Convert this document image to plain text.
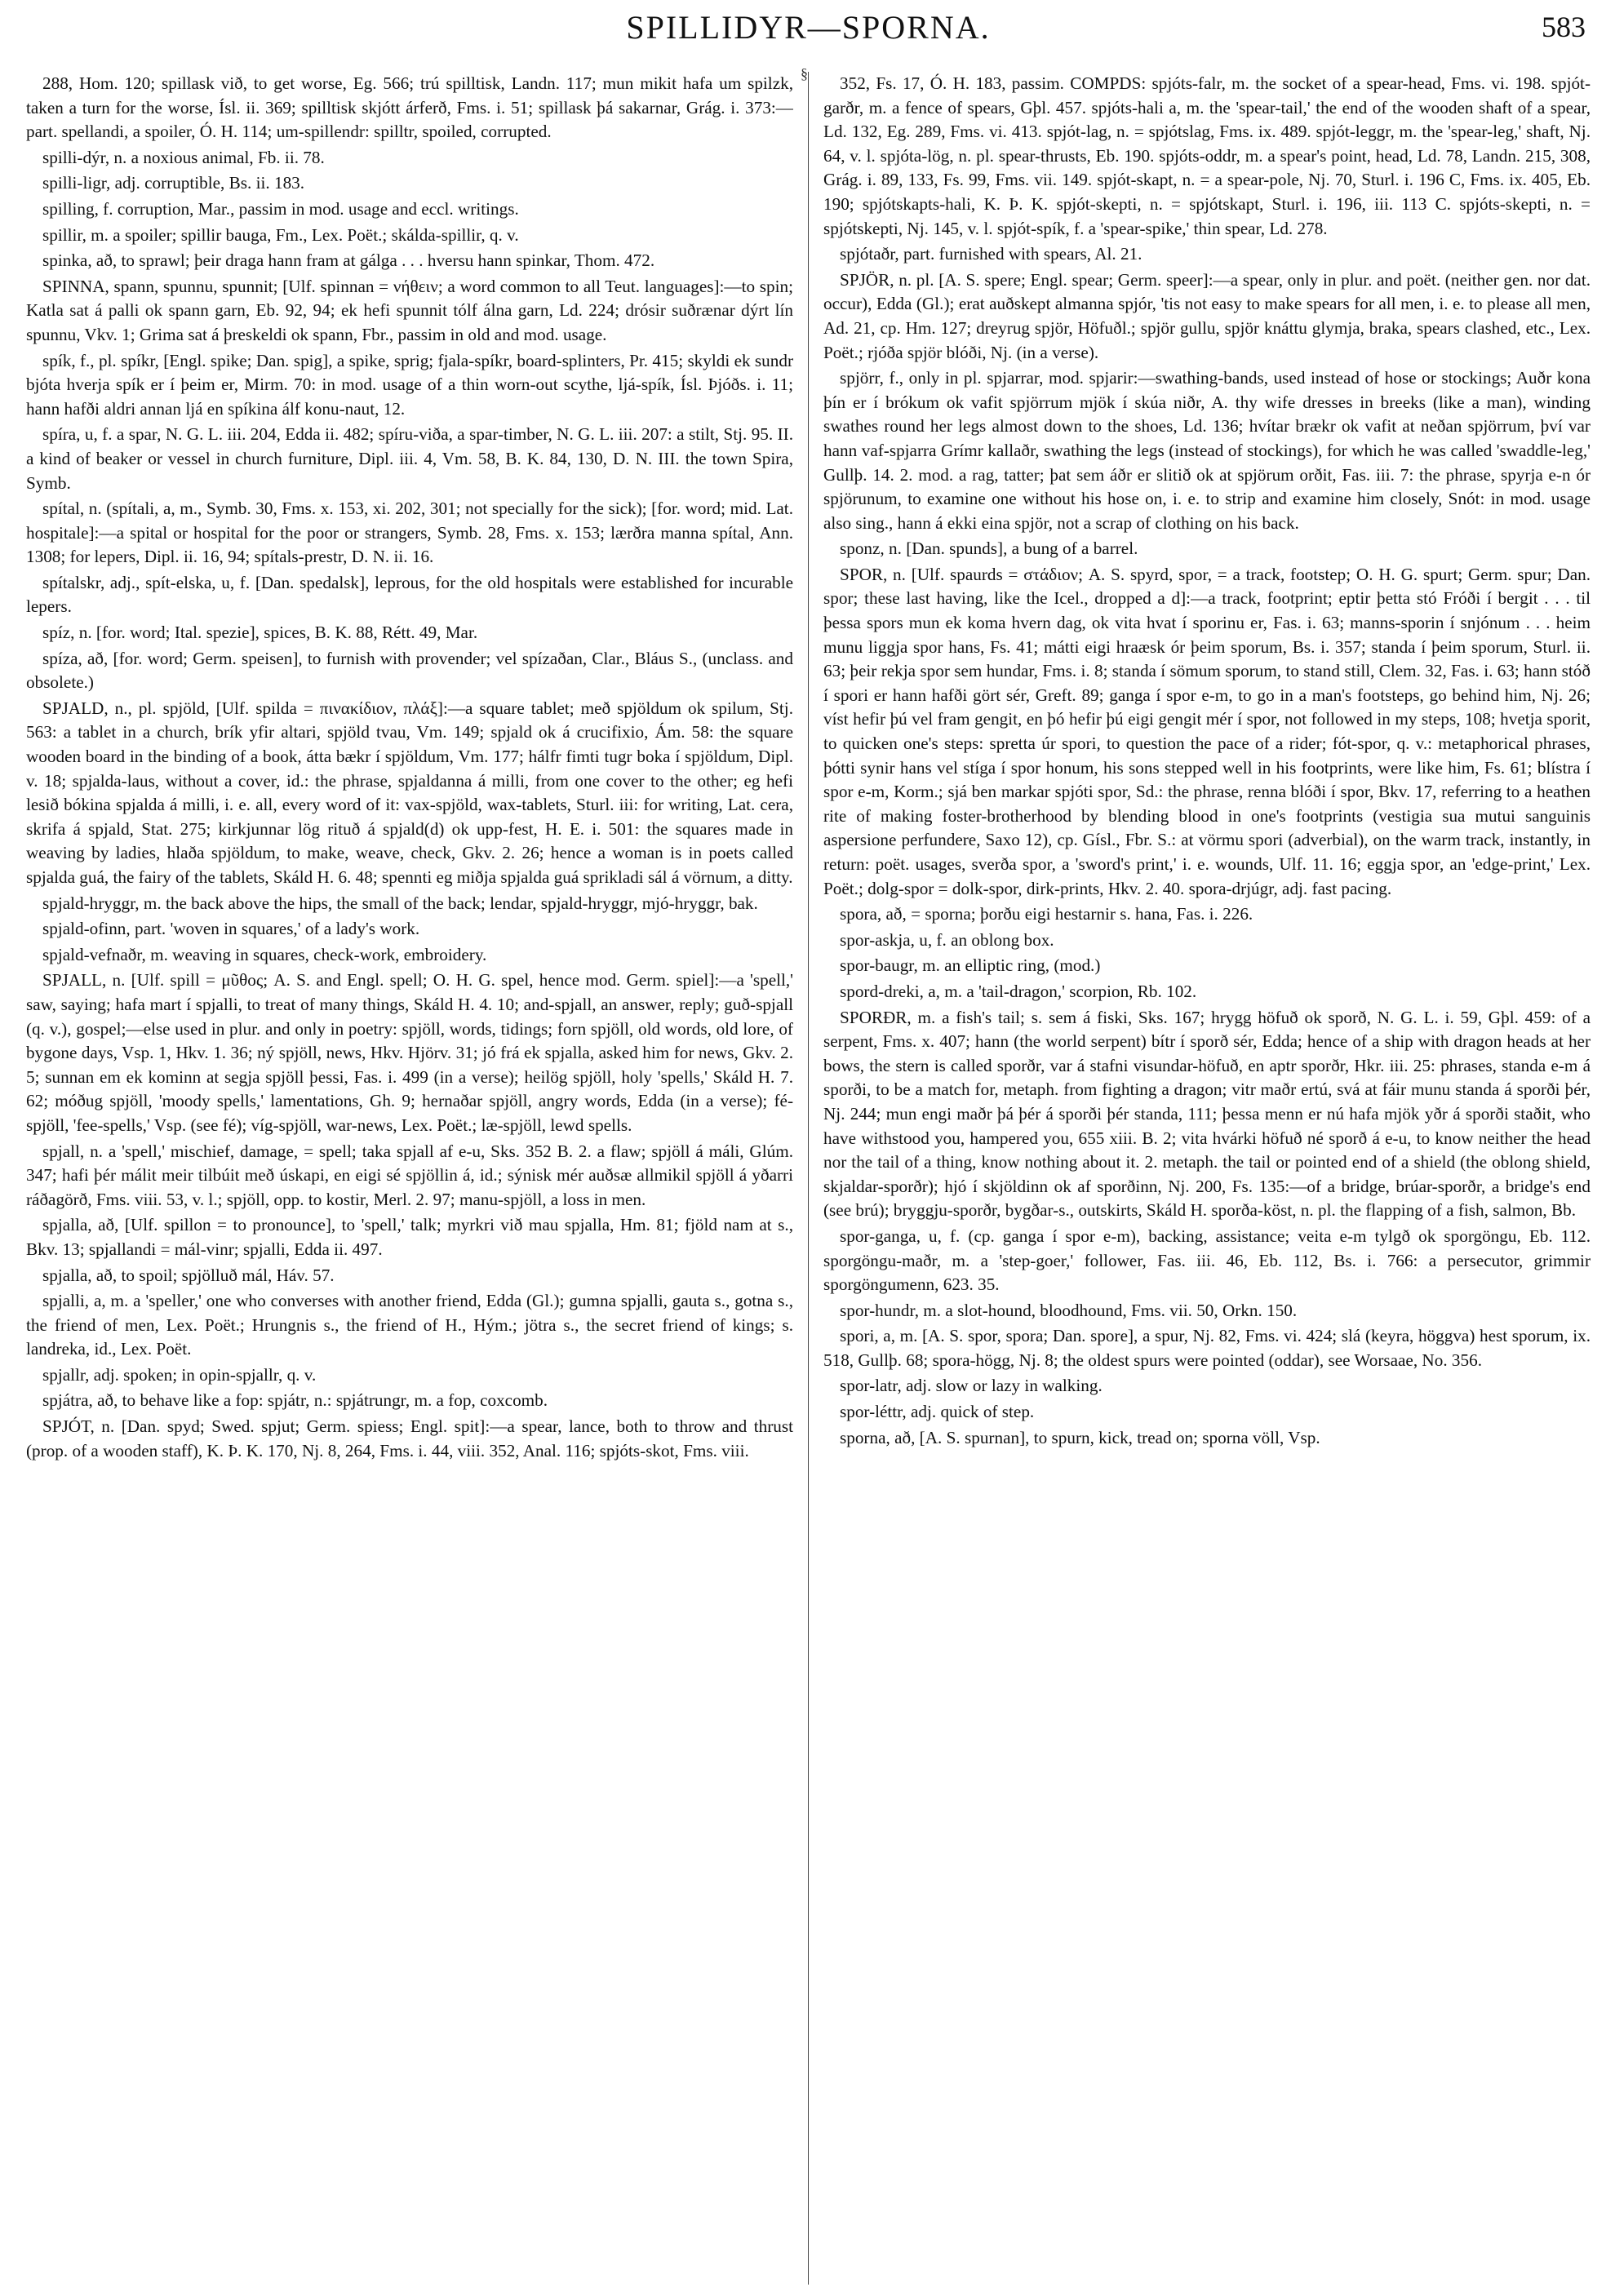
SPILLIDYR—SPORNA.	583

288, Hom. 120; spillask við, to get worse, Eg. 566; trú spilltisk, Landn. 117; mun mikit hafa um spilzk, taken a turn for the worse, Ísl. ii. 369; spilltisk skjótt árferð, Fms. i. 51; spillask þá sakarnar, Grág. i. 373:—part. spellandi, a spoiler, Ó. H. 114; um-spillendr: spilltr, spoiled, corrupted.

spilli-dýr, n. a noxious animal, Fb. ii. 78.

spilli-ligr, adj. corruptible, Bs. ii. 183.

spilling, f. corruption, Mar., passim in mod. usage and eccl. writings.

spillir, m. a spoiler; spillir bauga, Fm., Lex. Poët.; skálda-spillir, q. v.

spinka, að, to sprawl; þeir draga hann fram at gálga . . . hversu hann spinkar, Thom. 472.

SPINNA, spann, spunnu, spunnit; [Ulf. spinnan = νήθειν; a word common to all Teut. languages]:—to spin; Katla sat á palli ok spann garn, Eb. 92, 94; ek hefi spunnit tólf álna garn, Ld. 224; drósir suðrænar dýrt lín spunnu, Vkv. 1; Grima sat á þreskeldi ok spann, Fbr., passim in old and mod. usage.

spík, f., pl. spíkr, [Engl. spike; Dan. spig], a spike, sprig; fjala-spíkr, board-splinters, Pr. 415; skyldi ek sundr bjóta hverja spík er í þeim er, Mirm. 70: in mod. usage of a thin worn-out scythe, ljá-spík, Ísl. Þjóðs. i. 11; hann hafði aldri annan ljá en spíkina álf konu-naut, 12.

spíra, u, f. a spar, N. G. L. iii. 204, Edda ii. 482; spíru-viða, a spar-timber, N. G. L. iii. 207: a stilt, Stj. 95. II. a kind of beaker or vessel in church furniture, Dipl. iii. 4, Vm. 58, B. K. 84, 130, D. N. III. the town Spira, Symb.

spítal, n. (spítali, a, m., Symb. 30, Fms. x. 153, xi. 202, 301; not specially for the sick); [for. word; mid. Lat. hospitale]:—a spital or hospital for the poor or strangers, Symb. 28, Fms. x. 153; lærðra manna spítal, Ann. 1308; for lepers, Dipl. ii. 16, 94; spítals-prestr, D. N. ii. 16.

spítalskr, adj., spít-elska, u, f. [Dan. spedalsk], leprous, for the old hospitals were established for incurable lepers.

spíz, n. [for. word; Ital. spezie], spices, B. K. 88, Rétt. 49, Mar.

spíza, að, [for. word; Germ. speisen], to furnish with provender; vel spízaðan, Clar., Bláus S., (unclass. and obsolete.)

SPJALD, n., pl. spjöld, [Ulf. spilda = πινακίδιον, πλάξ]:—a square tablet; með spjöldum ok spilum, Stj. 563: a tablet in a church, brík yfir altari, spjöld tvau, Vm. 149; spjald ok á crucifixio, Ám. 58: the square wooden board in the binding of a book, átta bækr í spjöldum, Vm. 177; hálfr fimti tugr boka í spjöldum, Dipl. v. 18; spjalda-laus, without a cover, id.: the phrase, spjaldanna á milli, from one cover to the other; eg hefi lesið bókina spjalda á milli, i. e. all, every word of it: vax-spjöld, wax-tablets, Sturl. iii: for writing, Lat. cera, skrifa á spjald, Stat. 275; kirkjunnar lög rituð á spjald(d) ok upp-fest, H. E. i. 501: the squares made in weaving by ladies, hlaða spjöldum, to make, weave, check, Gkv. 2. 26; hence a woman is in poets called spjalda guá, the fairy of the tablets, Skáld H. 6. 48; spennti eg miðja spjalda guá sprikladi sál á vörnum, a ditty.

spjald-hryggr, m. the back above the hips, the small of the back; lendar, spjald-hryggr, mjó-hryggr, bak.

spjald-ofinn, part. 'woven in squares,' of a lady's work.

spjald-vefnaðr, m. weaving in squares, check-work, embroidery.

SPJALL, n. [Ulf. spill = μῦθος; A. S. and Engl. spell; O. H. G. spel, hence mod. Germ. spiel]:—a 'spell,' saw, saying; hafa mart í spjalli, to treat of many things, Skáld H. 4. 10; and-spjall, an answer, reply; guð-spjall (q. v.), gospel;—else used in plur. and only in poetry: spjöll, words, tidings; forn spjöll, old words, old lore, of bygone days, Vsp. 1, Hkv. 1. 36; ný spjöll, news, Hkv. Hjörv. 31; jó frá ek spjalla, asked him for news, Gkv. 2. 5; sunnan em ek kominn at segja spjöll þessi, Fas. i. 499 (in a verse); heilög spjöll, holy 'spells,' Skáld H. 7. 62; móðug spjöll, 'moody spells,' lamentations, Gh. 9; hernaðar spjöll, angry words, Edda (in a verse); fé-spjöll, 'fee-spells,' Vsp. (see fé); víg-spjöll, war-news, Lex. Poët.; læ-spjöll, lewd spells.

spjall, n. a 'spell,' mischief, damage, = spell; taka spjall af e-u, Sks. 352 B. 2. a flaw; spjöll á máli, Glúm. 347; hafi þér málit meir tilbúit með úskapi, en eigi sé spjöllin á, id.; sýnisk mér auðsæ allmikil spjöll á yðarri ráðagörð, Fms. viii. 53, v. l.; spjöll, opp. to kostir, Merl. 2. 97; manu-spjöll, a loss in men.

spjalla, að, [Ulf. spillon = to pronounce], to 'spell,' talk; myrkri við mau spjalla, Hm. 81; fjöld nam at s., Bkv. 13; spjallandi = mál-vinr; spjalli, Edda ii. 497.

spjalla, að, to spoil; spjölluð mál, Háv. 57.

spjalli, a, m. a 'speller,' one who converses with another friend, Edda (Gl.); gumna spjalli, gauta s., gotna s., the friend of men, Lex. Poët.; Hrungnis s., the friend of H., Hým.; jötra s., the secret friend of kings; s. landreka, id., Lex. Poët.

spjallr, adj. spoken; in opin-spjallr, q. v.

spjátra, að, to behave like a fop: spjátr, n.: spjátrungr, m. a fop, coxcomb.

SPJÓT, n. [Dan. spyd; Swed. spjut; Germ. spiess; Engl. spit]:—a spear, lance, both to throw and thrust (prop. of a wooden staff), K. Þ. K. 170, Nj. 8, 264, Fms. i. 44, viii. 352, Anal. 116; spjóts-skot, Fms. viii.

§	352, Fs. 17, Ó. H. 183, passim. COMPDS: spjóts-falr, m. the socket of a spear-head, Fms. vi. 198. spjót-garðr, m. a fence of spears, Gþl. 457. spjóts-hali a, m. the 'spear-tail,' the end of the wooden shaft of a spear, Ld. 132, Eg. 289, Fms. vi. 413. spjót-lag, n. = spjótslag, Fms. ix. 489. spjót-leggr, m. the 'spear-leg,' shaft, Nj. 64, v. l. spjóta-lög, n. pl. spear-thrusts, Eb. 190. spjóts-oddr, m. a spear's point, head, Ld. 78, Landn. 215, 308, Grág. i. 89, 133, Fs. 99, Fms. vii. 149. spjót-skapt, n. = a spear-pole, Nj. 70, Sturl. i. 196 C, Fms. ix. 405, Eb. 190; spjótskapts-hali, K. Þ. K. spjót-skepti, n. = spjótskapt, Sturl. i. 196, iii. 113 C. spjóts-skepti, n. = spjótskepti, Nj. 145, v. l. spjót-spík, f. a 'spear-spike,' thin spear, Ld. 278.

spjótaðr, part. furnished with spears, Al. 21.

SPJÖR, n. pl. [A. S. spere; Engl. spear; Germ. speer]:—a spear, only in plur. and poët. (neither gen. nor dat. occur), Edda (Gl.); erat auðskept almanna spjór, 'tis not easy to make spears for all men, i. e. to please all men, Ad. 21, cp. Hm. 127; dreyrug spjör, Höfuðl.; spjör gullu, spjör knáttu glymja, braka, spears clashed, etc., Lex. Poët.; rjóða spjör blóði, Nj. (in a verse).

spjörr, f., only in pl. spjarrar, mod. spjarir:—swathing-bands, used instead of hose or stockings; Auðr kona þín er í brókum ok vafit spjörrum mjök í skúa niðr, A. thy wife dresses in breeks (like a man), winding swathes round her legs almost down to the shoes, Ld. 136; hvítar brækr ok vafit at neðan spjörrum, því var hann vaf-spjarra Grímr kallaðr, swathing the legs (instead of stockings), for which he was called 'swaddle-leg,' Gullþ. 14. 2. mod. a rag, tatter; þat sem áðr er slitið ok at spjörum orðit, Fas. iii. 7: the phrase, spyrja e-n ór spjörunum, to examine one without his hose on, i. e. to strip and examine him closely, Snót: in mod. usage also sing., hann á ekki eina spjör, not a scrap of clothing on his back.

sponz, n. [Dan. spunds], a bung of a barrel.

SPOR, n. [Ulf. spaurds = στάδιον; A. S. spyrd, spor, = a track, footstep; O. H. G. spurt; Germ. spur; Dan. spor; these last having, like the Icel., dropped a d]:—a track, footprint; eptir þetta stó Fróði í bergit . . . til þessa spors mun ek koma hvern dag, ok vita hvat í sporinu er, Fas. i. 63; manns-sporin í snjónum . . . heim munu liggja spor hans, Fs. 41; mátti eigi hraæsk ór þeim sporum, Bs. i. 357; standa í þeim sporum, Sturl. ii. 63; þeir rekja spor sem hundar, Fms. i. 8; standa í sömum sporum, to stand still, Clem. 32, Fas. i. 63; hann stóð í spori er hann hafði gört sér, Greft. 89; ganga í spor e-m, to go in a man's footsteps, go behind him, Nj. 26; víst hefir þú vel fram gengit, en þó hefir þú eigi gengit mér í spor, not followed in my steps, 108; hvetja sporit, to quicken one's steps: spretta úr spori, to question the pace of a rider; fót-spor, q. v.: metaphorical phrases, þótti synir hans vel stíga í spor honum, his sons stepped well in his footprints, were like him, Fs. 61; blístra í spor e-m, Korm.; sjá ben markar spjóti spor, Sd.: the phrase, renna blóði í spor, Bkv. 17, referring to a heathen rite of making foster-brotherhood by blending blood in one's footprints (vestigia sua mutui sanguinis aspersione perfundere, Saxo 12), cp. Gísl., Fbr. S.: at vörmu spori (adverbial), on the warm track, instantly, in return: poët. usages, sverða spor, a 'sword's print,' i. e. wounds, Ulf. 11. 16; eggja spor, an 'edge-print,' Lex. Poët.; dolg-spor = dolk-spor, dirk-prints, Hkv. 2. 40. spora-drjúgr, adj. fast pacing.

spora, að, = sporna; þorðu eigi hestarnir s. hana, Fas. i. 226.

spor-askja, u, f. an oblong box.

spor-baugr, m. an elliptic ring, (mod.)

spord-dreki, a, m. a 'tail-dragon,' scorpion, Rb. 102.

SPORÐR, m. a fish's tail; s. sem á fiski, Sks. 167; hrygg höfuð ok sporð, N. G. L. i. 59, Gþl. 459: of a serpent, Fms. x. 407; hann (the world serpent) bítr í sporð sér, Edda; hence of a ship with dragon heads at her bows, the stern is called sporðr, var á stafni visundar-höfuð, en aptr sporðr, Hkr. iii. 25: phrases, standa e-m á sporði, to be a match for, metaph. from fighting a dragon; vitr maðr ertú, svá at fáir munu standa á sporði þér, Nj. 244; mun engi maðr þá þér á sporði þér standa, 111; þessa menn er nú hafa mjök yðr á sporði staðit, who have withstood you, hampered you, 655 xiii. B. 2; vita hvárki höfuð né sporð á e-u, to know neither the head nor the tail of a thing, know nothing about it. 2. metaph. the tail or pointed end of a shield (the oblong shield, skjaldar-sporðr); hjó í skjöldinn ok af sporðinn, Nj. 200, Fs. 135:—of a bridge, brúar-sporðr, a bridge's end (see brú); bryggju-sporðr, bygðar-s., outskirts, Skáld H. sporða-köst, n. pl. the flapping of a fish, salmon, Bb.

spor-ganga, u, f. (cp. ganga í spor e-m), backing, assistance; veita e-m tylgð ok sporgöngu, Eb. 112. sporgöngu-maðr, m. a 'step-goer,' follower, Fas. iii. 46, Eb. 112, Bs. i. 766: a persecutor, grimmir sporgöngumenn, 623. 35.

spor-hundr, m. a slot-hound, bloodhound, Fms. vii. 50, Orkn. 150.

spori, a, m. [A. S. spor, spora; Dan. spore], a spur, Nj. 82, Fms. vi. 424; slá (keyra, höggva) hest sporum, ix. 518, Gullþ. 68; spora-högg, Nj. 8; the oldest spurs were pointed (oddar), see Worsaae, No. 356.

spor-latr, adj. slow or lazy in walking.

spor-léttr, adj. quick of step.

sporna, að, [A. S. spurnan], to spurn, kick, tread on; sporna völl, Vsp.
